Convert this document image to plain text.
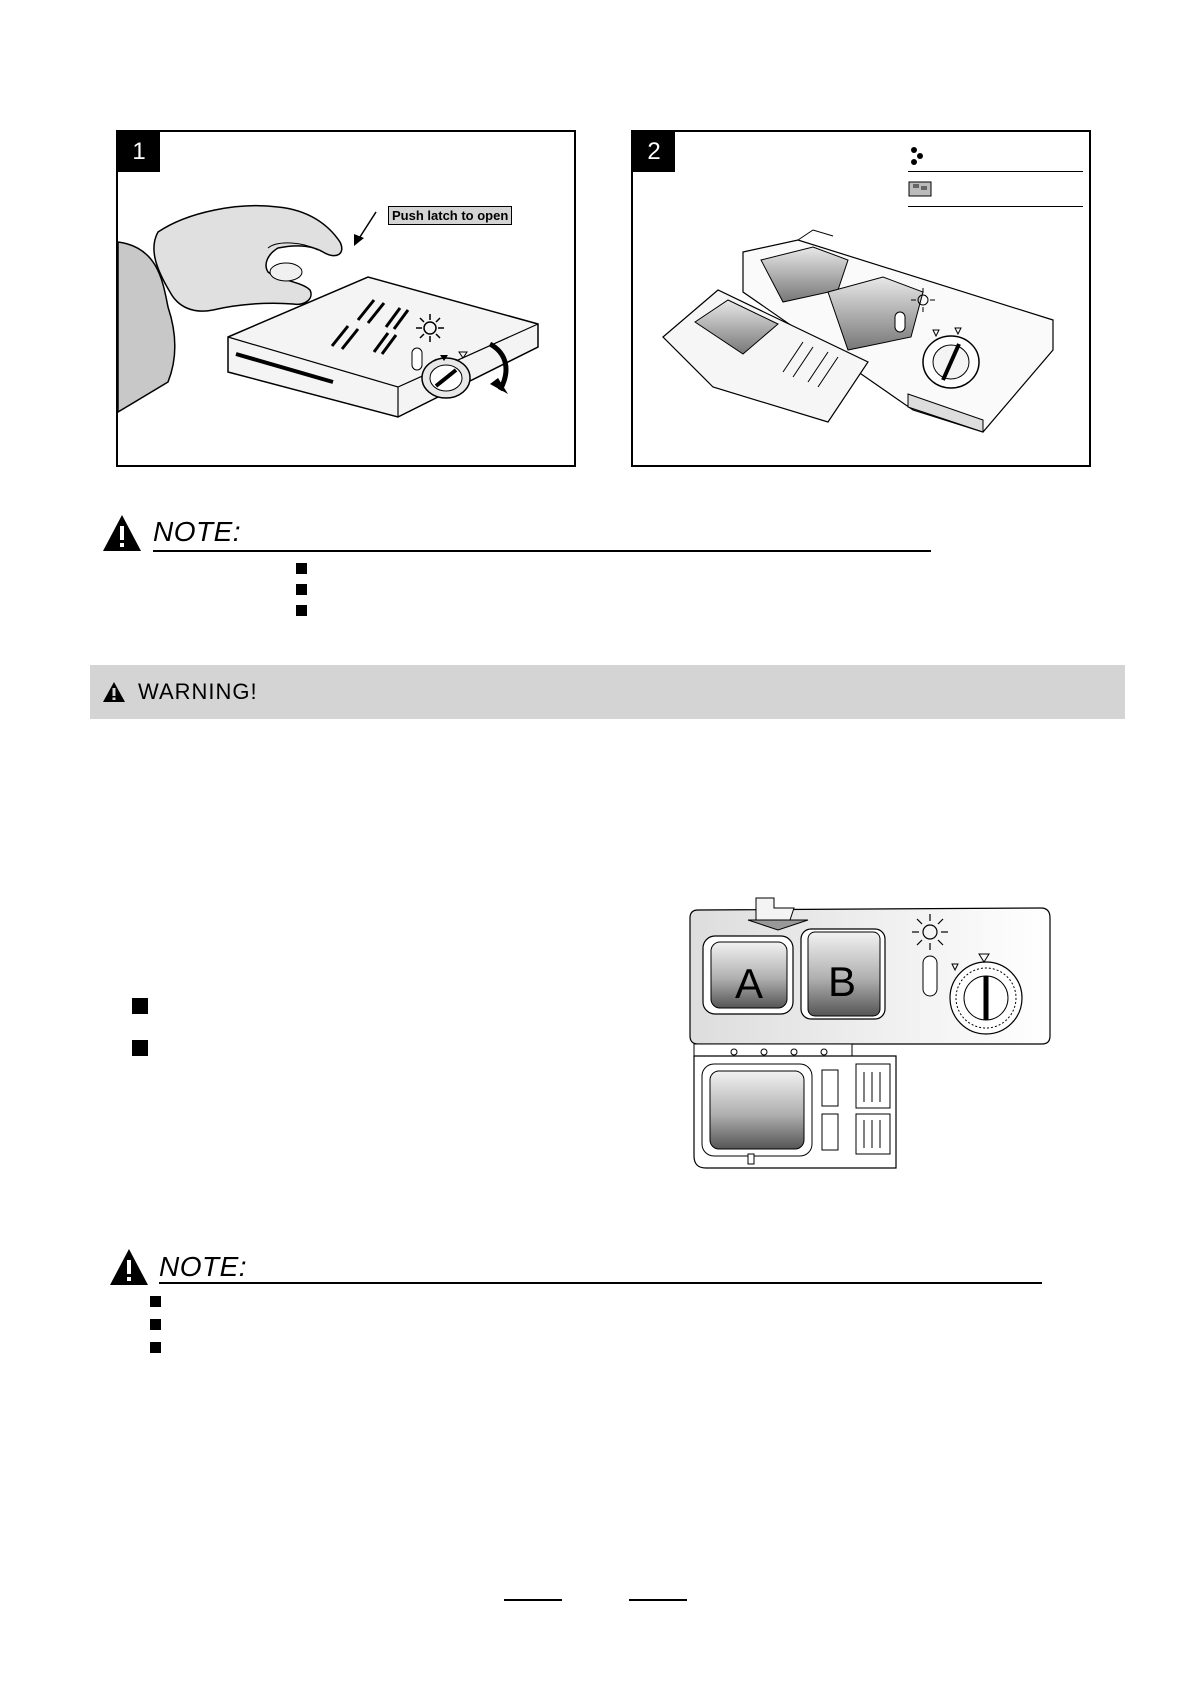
1
Push latch to open
2
NOTE:
WARNING!
A B
NOTE:
